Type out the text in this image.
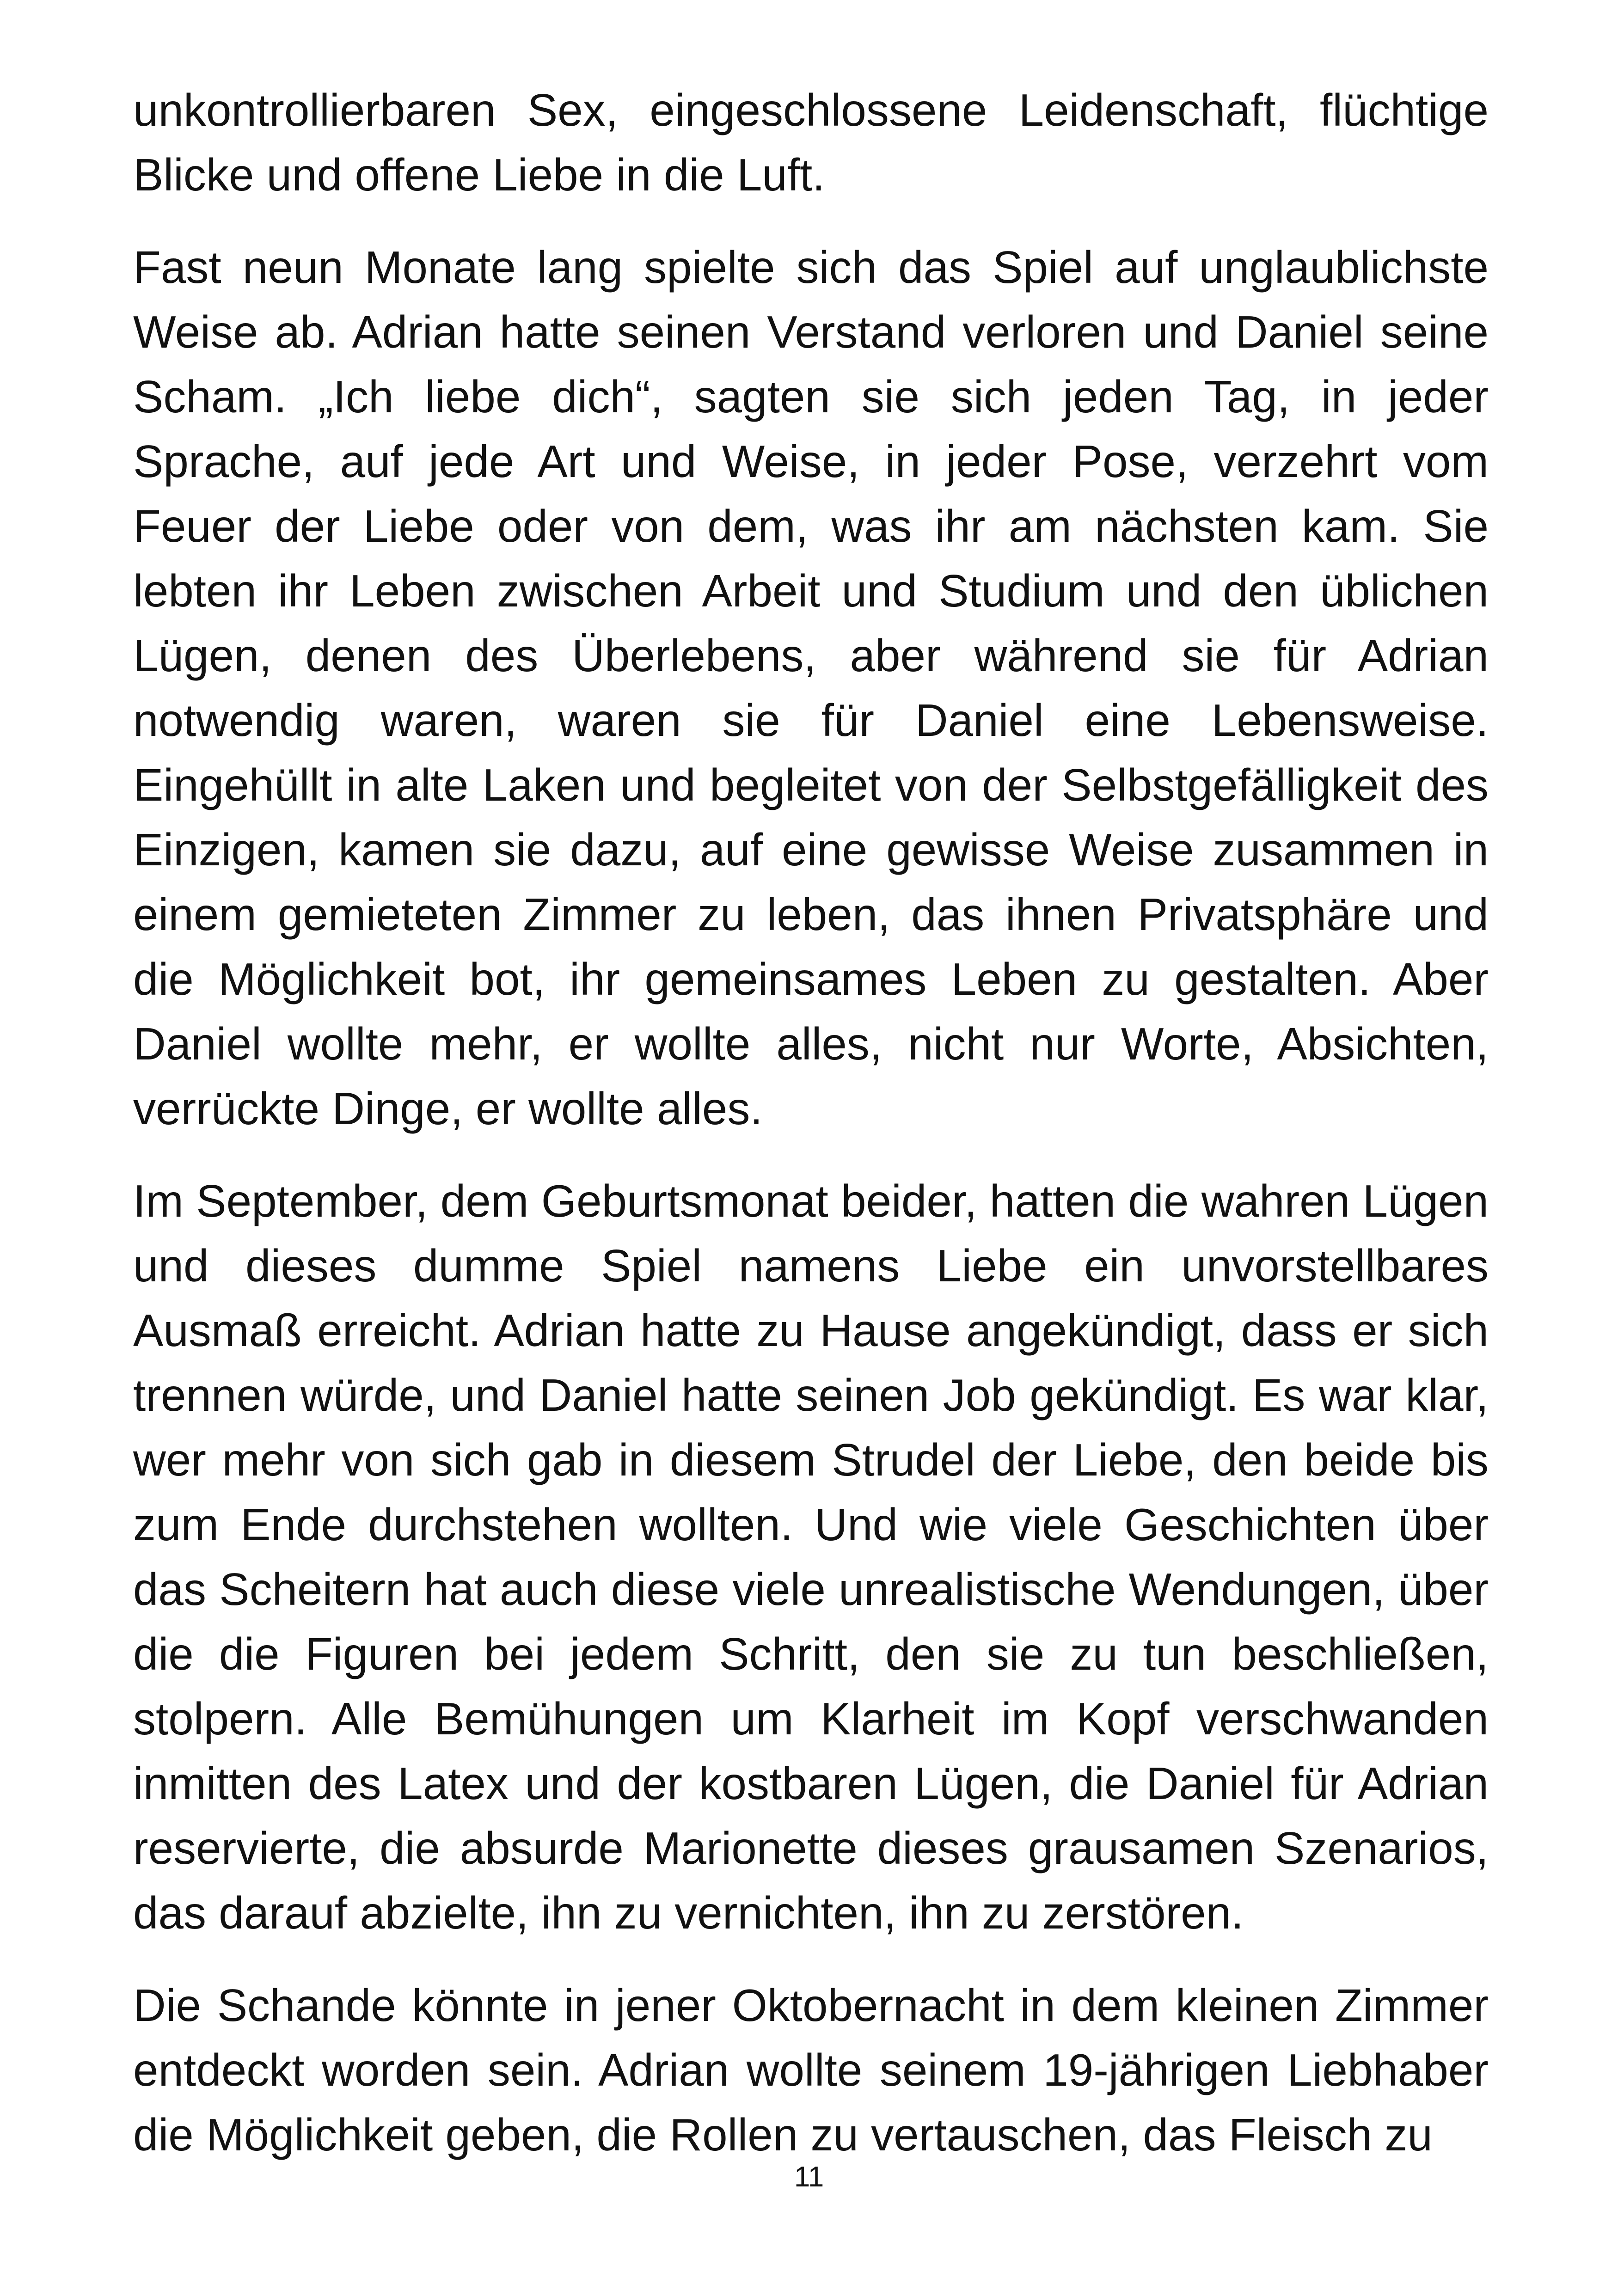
unkontrollierbaren Sex, eingeschlossene Leidenschaft, flüchtige Blicke und offene Liebe in die Luft.

Fast neun Monate lang spielte sich das Spiel auf unglaublichste Weise ab. Adrian hatte seinen Verstand verloren und Daniel seine Scham. „Ich liebe dich“, sagten sie sich jeden Tag, in jeder Sprache, auf jede Art und Weise, in jeder Pose, verzehrt vom Feuer der Liebe oder von dem, was ihr am nächsten kam. Sie lebten ihr Leben zwischen Arbeit und Studium und den üblichen Lügen, denen des Überlebens, aber während sie für Adrian notwendig waren, waren sie für Daniel eine Lebensweise. Eingehüllt in alte Laken und begleitet von der Selbstgefälligkeit des Einzigen, kamen sie dazu, auf eine gewisse Weise zusammen in einem gemieteten Zimmer zu leben, das ihnen Privatsphäre und die Möglichkeit bot, ihr gemeinsames Leben zu gestalten. Aber Daniel wollte mehr, er wollte alles, nicht nur Worte, Absichten, verrückte Dinge, er wollte alles.

Im September, dem Geburtsmonat beider, hatten die wahren Lügen und dieses dumme Spiel namens Liebe ein unvorstellbares Ausmaß erreicht. Adrian hatte zu Hause angekündigt, dass er sich trennen würde, und Daniel hatte seinen Job gekündigt. Es war klar, wer mehr von sich gab in diesem Strudel der Liebe, den beide bis zum Ende durchstehen wollten. Und wie viele Geschichten über das Scheitern hat auch diese viele unrealistische Wendungen, über die die Figuren bei jedem Schritt, den sie zu tun beschließen, stolpern. Alle Bemühungen um Klarheit im Kopf verschwanden inmitten des Latex und der kostbaren Lügen, die Daniel für Adrian reservierte, die absurde Marionette dieses grausamen Szenarios, das darauf abzielte, ihn zu vernichten, ihn zu zerstören.

Die Schande könnte in jener Oktobernacht in dem kleinen Zimmer entdeckt worden sein. Adrian wollte seinem 19-jährigen Liebhaber die Möglichkeit geben, die Rollen zu vertauschen, das Fleisch zu

11
